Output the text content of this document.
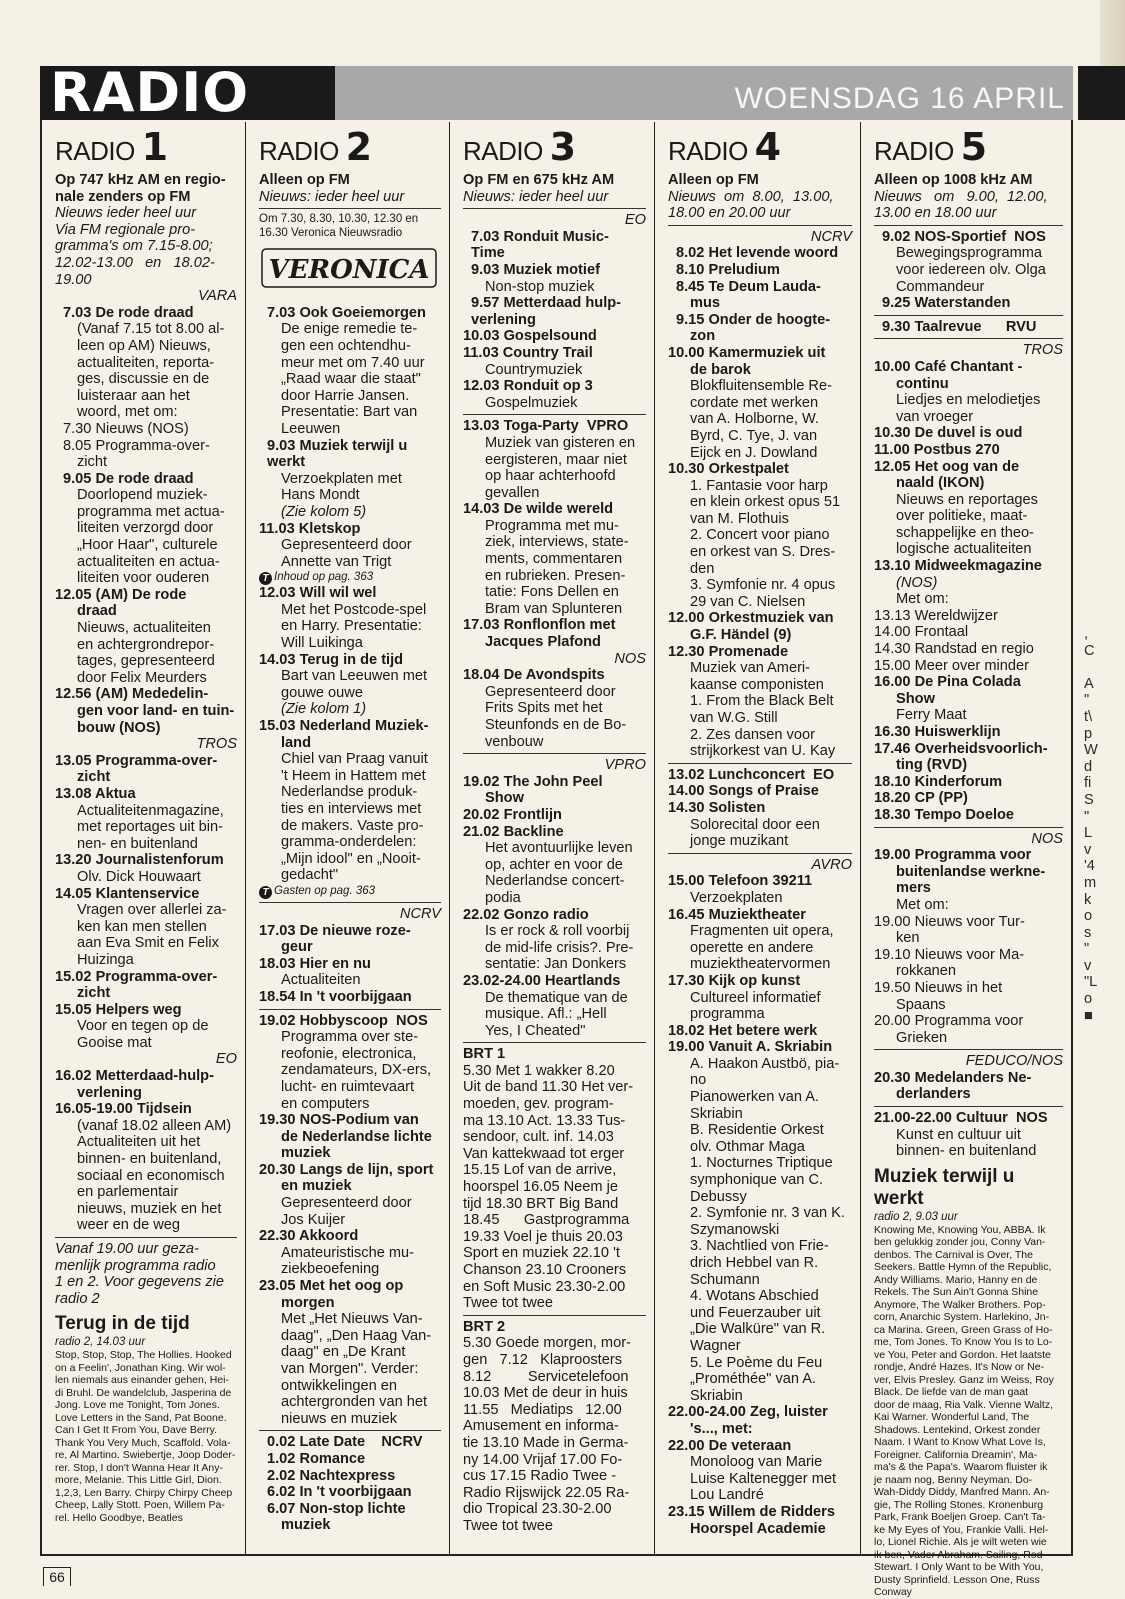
RADIO	WOENSDAG 16 APRIL
RADIO 1
Op 747 kHz AM en regio-
nale zenders op FM
Nieuws ieder heel uur
Via FM regionale pro-
gramma's om 7.15-8.00;
12.02-13.00   en   18.02-
19.00
VARA
7.03 De rode draad
(Vanaf 7.15 tot 8.00 al-
leen op AM) Nieuws,
actualiteiten, reporta-
ges, discussie en de
luisteraar aan het
woord, met om:
7.30 Nieuws (NOS)
8.05 Programma-over-
zicht
9.05 De rode draad
Doorlopend muziek-
programma met actua-
liteiten verzorgd door
„Hoor Haar", culturele
actualiteiten en actua-
liteiten voor ouderen
12.05 (AM) De rode
draad
Nieuws, actualiteiten
en achtergrondrepor-
tages, gepresenteerd
door Felix Meurders
12.56 (AM) Mededelin-
gen voor land- en tuin-
bouw (NOS)
TROS
13.05 Programma-over-
zicht
13.08 Aktua
Actualiteitenmagazine,
met reportages uit bin-
nen- en buitenland
13.20 Journalistenforum
Olv. Dick Houwaart
14.05 Klantenservice
Vragen over allerlei za-
ken kan men stellen
aan Eva Smit en Felix
Huizinga
15.02 Programma-over-
zicht
15.05 Helpers weg
Voor en tegen op de
Gooise mat
EO
16.02 Metterdaad-hulp-
verlening
16.05-19.00 Tijdsein
(vanaf 18.02 alleen AM)
Actualiteiten uit het
binnen- en buitenland,
sociaal en economisch
en parlementair
nieuws, muziek en het
weer en de weg
Vanaf 19.00 uur geza-
menlijk programma radio
1 en 2. Voor gegevens zie
radio 2
Terug in de tijd
radio 2, 14.03 uur
Stop, Stop, Stop, The Hollies. Hooked
on a Feelin', Jonathan King. Wir wol-
len niemals aus einander gehen, Hei-
di Bruhl. De wandelclub, Jasperina de
Jong. Love me Tonight, Tom Jones.
Love Letters in the Sand, Pat Boone.
Can I Get It From You, Dave Berry.
Thank You Very Much, Scaffold. Vola-
re, Al Martino. Swiebertje, Joop Doder-
rer. Stop, I don't Wanna Hear It Any-
more, Melanie. This Little Girl, Dion.
1,2,3, Len Barry. Chirpy Chirpy Cheep
Cheep, Lally Stott. Poen, Willem Pa-
rel. Hello Goodbye, Beatles
RADIO 2
Alleen op FM
Nieuws: ieder heel uur
Om 7.30, 8.30, 10.30, 12.30 en
16.30 Veronica Nieuwsradio
VERONICA
7.03 Ook Goeiemorgen
De enige remedie te-
gen een ochtendhu-
meur met om 7.40 uur
„Raad waar die staat"
door Harrie Jansen.
Presentatie: Bart van
Leeuwen
9.03 Muziek terwijl u
werkt
Verzoekplaten met
Hans Mondt
(Zie kolom 5)
11.03 Kletskop
Gepresenteerd door
Annette van Trigt
T Inhoud op pag. 363
12.03 Will wil wel
Met het Postcode-spel
en Harry. Presentatie:
Will Luikinga
14.03 Terug in de tijd
Bart van Leeuwen met
gouwe ouwe
(Zie kolom 1)
15.03 Nederland Muziek-
land
Chiel van Praag vanuit
't Heem in Hattem met
Nederlandse produk-
ties en interviews met
de makers. Vaste pro-
gramma-onderdelen:
„Mijn idool" en „Nooit-
gedacht"
T Gasten op pag. 363
NCRV
17.03 De nieuwe roze-
geur
18.03 Hier en nu
Actualiteiten
18.54 In 't voorbijgaan
19.02 Hobbyscoop  NOS
Programma over ste-
reofonie, electronica,
zendamateurs, DX-ers,
lucht- en ruimtevaart
en computers
19.30 NOS-Podium van
de Nederlandse lichte
muziek
20.30 Langs de lijn, sport
en muziek
Gepresenteerd door
Jos Kuijer
22.30 Akkoord
Amateuristische mu-
ziekbeoefening
23.05 Met het oog op
morgen
Met „Het Nieuws Van-
daag", „Den Haag Van-
daag" en „De Krant
van Morgen". Verder:
ontwikkelingen en
achtergronden van het
nieuws en muziek
0.02 Late Date    NCRV
1.02 Romance
2.02 Nachtexpress
6.02 In 't voorbijgaan
6.07 Non-stop lichte
muziek
RADIO 3
Op FM en 675 kHz AM
Nieuws: ieder heel uur
EO
7.03 Ronduit Music-
Time
9.03 Muziek motief
Non-stop muziek
9.57 Metterdaad hulp-
verlening
10.03 Gospelsound
11.03 Country Trail
Countrymuziek
12.03 Ronduit op 3
Gospelmuziek
13.03 Toga-Party  VPRO
Muziek van gisteren en
eergisteren, maar niet
op haar achterhoofd
gevallen
14.03 De wilde wereld
Programma met mu-
ziek, interviews, state-
ments, commentaren
en rubrieken. Presen-
tatie: Fons Dellen en
Bram van Splunteren
17.03 Ronflonflon met
Jacques Plafond
NOS
18.04 De Avondspits
Gepresenteerd door
Frits Spits met het
Steunfonds en de Bo-
venbouw
VPRO
19.02 The John Peel
Show
20.02 Frontlijn
21.02 Backline
Het avontuurlijke leven
op, achter en voor de
Nederlandse concert-
podia
22.02 Gonzo radio
Is er rock & roll voorbij
de mid-life crisis?. Pre-
sentatie: Jan Donkers
23.02-24.00 Heartlands
De thematique van de
musique. Afl.: „Hell
Yes, I Cheated"
BRT 1
5.30 Met 1 wakker 8.20
Uit de band 11.30 Het ver-
moeden, gev. program-
ma 13.10 Act. 13.33 Tus-
sendoor, cult. inf. 14.03
Van kattekwaad tot erger
15.15 Lof van de arrive,
hoorspel 16.05 Neem je
tijd 18.30 BRT Big Band
18.45      Gastprogramma
19.33 Voel je thuis 20.03
Sport en muziek 22.10 't
Chanson 23.10 Crooners
en Soft Music 23.30-2.00
Twee tot twee
BRT 2
5.30 Goede morgen, mor-
gen   7.12   Klaproosters
8.12         Servicetelefoon
10.03 Met de deur in huis
11.55   Mediatips   12.00
Amusement en informa-
tie 13.10 Made in Germa-
ny 14.00 Vrijaf 17.00 Fo-
cus 17.15 Radio Twee -
Radio Rijswijck 22.05 Ra-
dio Tropical 23.30-2.00
Twee tot twee
RADIO 4
Alleen op FM
Nieuws  om  8.00,  13.00,
18.00 en 20.00 uur
NCRV
8.02 Het levende woord
8.10 Preludium
8.45 Te Deum Lauda-
mus
9.15 Onder de hoogte-
zon
10.00 Kamermuziek uit
de barok
Blokfluitensemble Re-
cordate met werken
van A. Holborne, W.
Byrd, C. Tye, J. van
Eijck en J. Dowland
10.30 Orkestpalet
1. Fantasie voor harp
en klein orkest opus 51
van M. Flothuis
2. Concert voor piano
en orkest van S. Dres-
den
3. Symfonie nr. 4 opus
29 van C. Nielsen
12.00 Orkestmuziek van
G.F. Händel (9)
12.30 Promenade
Muziek van Ameri-
kaanse componisten
1. From the Black Belt
van W.G. Still
2. Zes dansen voor
strijkorkest van U. Kay
13.02 Lunchconcert  EO
14.00 Songs of Praise
14.30 Solisten
Solorecital door een
jonge muzikant
AVRO
15.00 Telefoon 39211
Verzoekplaten
16.45 Muziektheater
Fragmenten uit opera,
operette en andere
muziektheatervormen
17.30 Kijk op kunst
Cultureel informatief
programma
18.02 Het betere werk
19.00 Vanuit A. Skriabin
A. Haakon Austbö, pia-
no
Pianowerken van A.
Skriabin
B. Residentie Orkest
olv. Othmar Maga
1. Nocturnes Triptique
symphonique van C.
Debussy
2. Symfonie nr. 3 van K.
Szymanowski
3. Nachtlied von Frie-
drich Hebbel van R.
Schumann
4. Wotans Abschied
und Feuerzauber uit
„Die Walküre" van R.
Wagner
5. Le Poème du Feu
„Prométhée" van A.
Skriabin
22.00-24.00 Zeg, luister
's..., met:
22.00 De veteraan
Monoloog van Marie
Luise Kaltenegger met
Lou Landré
23.15 Willem de Ridders
Hoorspel Academie
RADIO 5
Alleen op 1008 kHz AM
Nieuws   om   9.00,  12.00,
13.00 en 18.00 uur
9.02 NOS-Sportief  NOS
Bewegingsprogramma
voor iedereen olv. Olga
Commandeur
9.25 Waterstanden
9.30 Taalrevue      RVU
TROS
10.00 Café Chantant -
continu
Liedjes en melodietjes
van vroeger
10.30 De duvel is oud
11.00 Postbus 270
12.05 Het oog van de
naald (IKON)
Nieuws en reportages
over politieke, maat-
schappelijke en theo-
logische actualiteiten
13.10 Midweekmagazine
(NOS)
Met om:
13.13 Wereldwijzer
14.00 Frontaal
14.30 Randstad en regio
15.00 Meer over minder
16.00 De Pina Colada
Show
Ferry Maat
16.30 Huiswerklijn
17.46 Overheidsvoorlich-
ting (RVD)
18.10 Kinderforum
18.20 CP (PP)
18.30 Tempo Doeloe
NOS
19.00 Programma voor
buitenlandse werkne-
mers
Met om:
19.00 Nieuws voor Tur-
ken
19.10 Nieuws voor Ma-
rokkanen
19.50 Nieuws in het
Spaans
20.00 Programma voor
Grieken
FEDUCO/NOS
20.30 Medelanders Ne-
derlanders
21.00-22.00 Cultuur  NOS
Kunst en cultuur uit
binnen- en buitenland
Muziek terwijl u werkt
radio 2, 9.03 uur
Knowing Me, Knowing You, ABBA. Ik
ben gelukkig zonder jou, Conny Van-
denbos. The Carnival is Over, The
Seekers. Battle Hymn of the Republic,
Andy Williams. Mario, Hanny en de
Rekels. The Sun Ain't Gonna Shine
Anymore, The Walker Brothers. Pop-
corn, Anarchic System. Harlekino, Jn-
ca Marina. Green, Green Grass of Ho-
me, Tom Jones. To Know You Is to Lo-
ve You, Peter and Gordon. Het laatste
rondje, André Hazes. It's Now or Ne-
ver, Elvis Presley. Ganz im Weiss, Roy
Black. De liefde van de man gaat
door de maag, Ria Valk. Vienne Waltz,
Kai Warner. Wonderful Land, The
Shadows. Lentekind, Orkest zonder
Naam. I Want to Know What Love Is,
Foreigner. California Dreamin', Ma-
ma's & the Papa's. Waarom fluister ik
je naam nog, Benny Neyman. Do-
Wah-Diddy Diddy, Manfred Mann. An-
gie, The Rolling Stones. Kronenburg
Park, Frank Boeljen Groep. Can't Ta-
ke My Eyes of You, Frankie Valli. Hel-
lo, Lionel Richie. Als je wilt weten wie
ik ben, Vader Abraham. Sailing, Rod
Stewart. I Only Want to be With You,
Dusty Sprinfield. Lesson One, Russ
Conway
66
,
C

A
"
t\
p
W
d
fi
S
"
L
v
'4
m
k
o
s
"
v
"L
o
■
